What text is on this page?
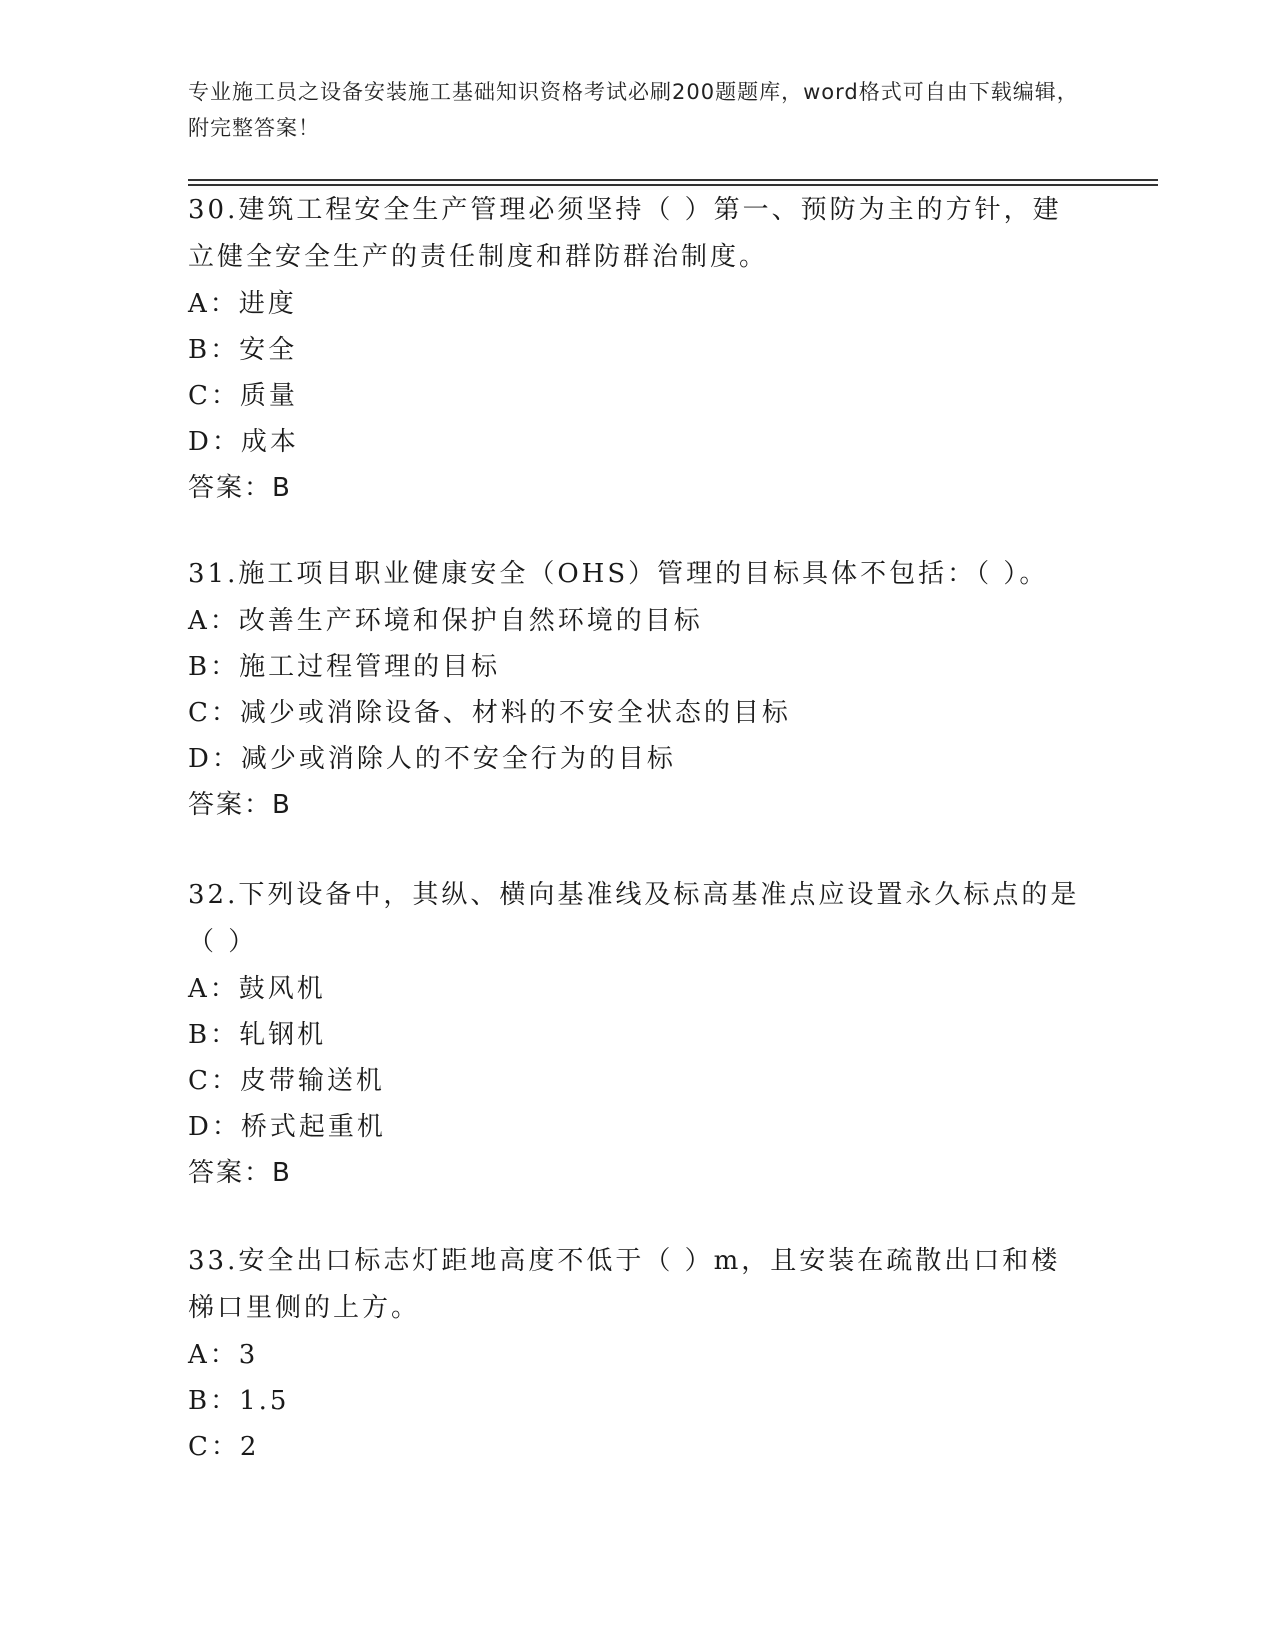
专业施工员之设备安装施工基础知识资格考试必刷200题题库，word格式可自由下载编辑，附完整答案！

30.建筑工程安全生产管理必须坚持（ ）第一、预防为主的方针，建立健全安全生产的责任制度和群防群治制度。

A：进度

B：安全

C：质量

D：成本

答案：B

31.施工项目职业健康安全（OHS）管理的目标具体不包括：（ ）。

A：改善生产环境和保护自然环境的目标

B：施工过程管理的目标

C：减少或消除设备、材料的不安全状态的目标

D：减少或消除人的不安全行为的目标

答案：B

32.下列设备中，其纵、横向基准线及标高基准点应设置永久标点的是（ ）

A：鼓风机

B：轧钢机

C：皮带输送机

D：桥式起重机

答案：B

33.安全出口标志灯距地高度不低于（ ）m，且安装在疏散出口和楼梯口里侧的上方。

A：3

B：1.5

C：2
